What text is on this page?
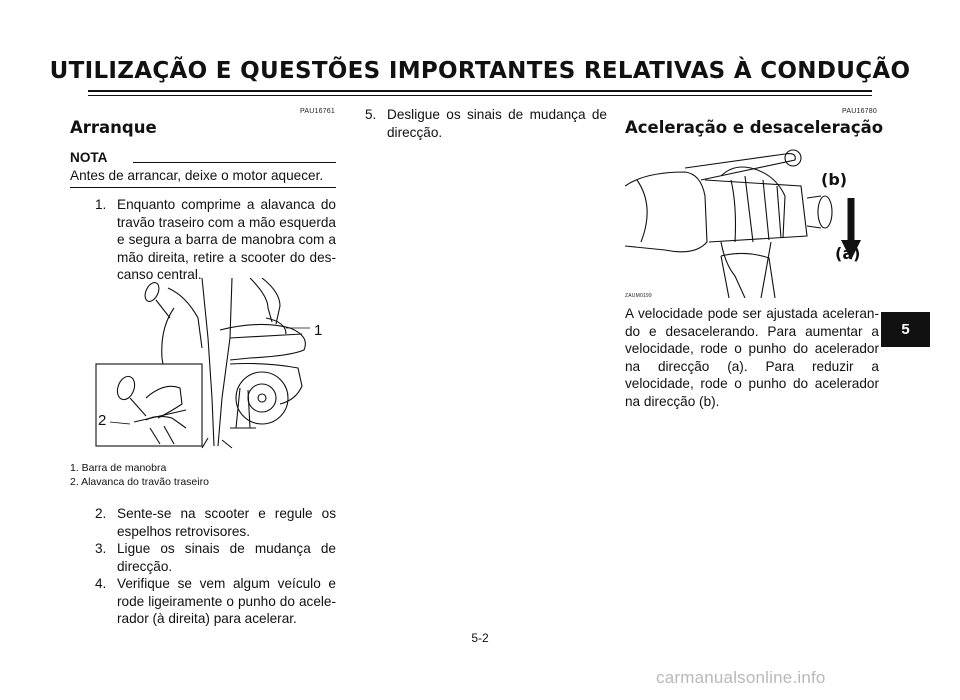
UTILIZAÇÃO E QUESTÕES IMPORTANTES RELATIVAS À CONDUÇÃO
PAU16761
Arranque
NOTA
Antes de arrancar, deixe o motor aquecer.
1. Enquanto comprime a alavanca do travão traseiro com a mão esquerda e segura a barra de manobra com a mão direita, retire a scooter do des-canso central.
1
2
1. Barra de manobra
2. Alavanca do travão traseiro
2. Sente-se na scooter e regule os espelhos retrovisores.
3. Ligue os sinais de mudança de direcção.
4. Verifique se vem algum veículo e rode ligeiramente o punho do acele-rador (à direita) para acelerar.
5. Desligue os sinais de mudança de direcção.
PAU16780
Aceleração e desaceleração
(b)
(a)
ZAUM0199
A velocidade pode ser ajustada aceleran-do e desacelerando. Para aumentar a velocidade, rode o punho do acelerador na direcção (a). Para reduzir a velocidade, rode o punho do acelerador na direcção (b).
5
5-2
carmanualsonline.info
